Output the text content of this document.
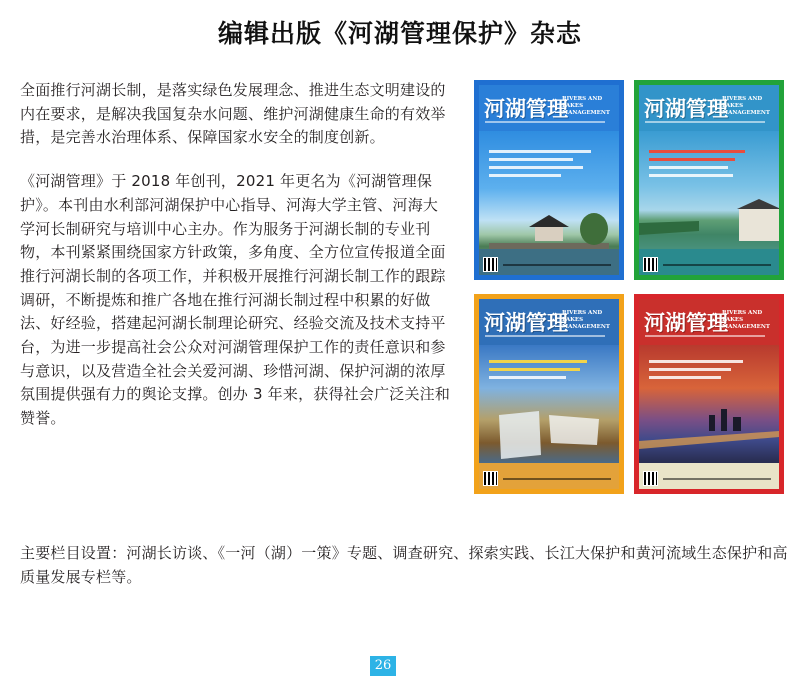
编辑出版《河湖管理保护》杂志

全面推行河湖长制，是落实绿色发展理念、推进生态文明建设的内在要求，是解决我国复杂水问题、维护河湖健康生命的有效举措，是完善水治理体系、保障国家水安全的制度创新。

《河湖管理》于 2018 年创刊，2021 年更名为《河湖管理保护》。本刊由水利部河湖保护中心指导、河海大学主管、河海大学河长制研究与培训中心主办。作为服务于河湖长制的专业刊物，本刊紧紧围绕国家方针政策，多角度、全方位宣传报道全面推行河湖长制的各项工作，并积极开展推行河湖长制工作的跟踪调研，不断提炼和推广各地在推行河湖长制过程中积累的好做法、好经验，搭建起河湖长制理论研究、经验交流及技术支持平台，为进一步提高社会公众对河湖管理保护工作的责任意识和参与意识，以及营造全社会关爱河湖、珍惜河湖、保护河湖的浓厚氛围提供强有力的舆论支撑。创办 3 年来，获得社会广泛关注和赞誉。

河湖管理
RIVERS AND LAKES MANAGEMENT 河湖管理
RIVERS AND LAKES MANAGEMENT
河湖管理
RIVERS AND LAKES MANAGEMENT 河湖管理
RIVERS AND LAKES MANAGEMENT

主要栏目设置：河湖长访谈、《一河（湖）一策》专题、调查研究、探索实践、长江大保护和黄河流域生态保护和高质量发展专栏等。

26
